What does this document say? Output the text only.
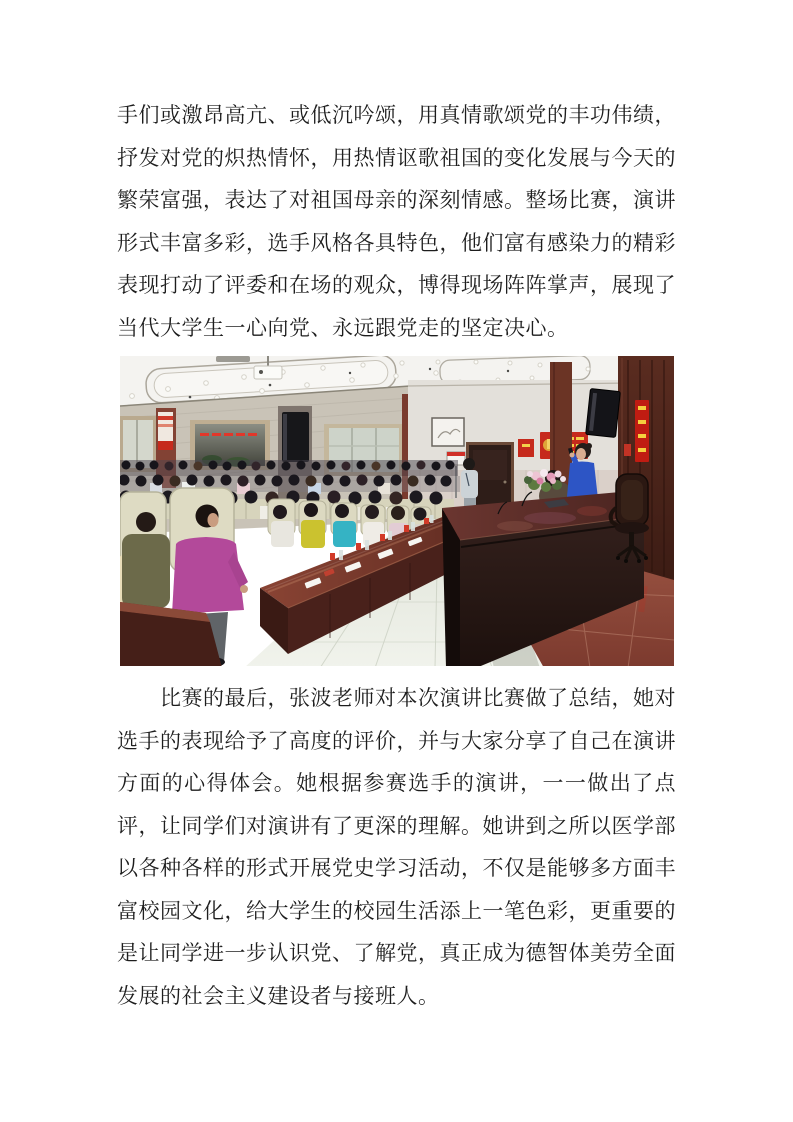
手们或激昂高亢、或低沉吟颂，用真情歌颂党的丰功伟绩，抒发对党的炽热情怀，用热情讴歌祖国的变化发展与今天的繁荣富强，表达了对祖国母亲的深刻情感。整场比赛，演讲形式丰富多彩，选手风格各具特色，他们富有感染力的精彩表现打动了评委和在场的观众，博得现场阵阵掌声，展现了当代大学生一心向党、永远跟党走的坚定决心。

比赛的最后，张波老师对本次演讲比赛做了总结，她对选手的表现给予了高度的评价，并与大家分享了自己在演讲方面的心得体会。她根据参赛选手的演讲，一一做出了点评，让同学们对演讲有了更深的理解。她讲到之所以医学部以各种各样的形式开展党史学习活动，不仅是能够多方面丰富校园文化，给大学生的校园生活添上一笔色彩，更重要的是让同学进一步认识党、了解党，真正成为德智体美劳全面发展的社会主义建设者与接班人。
